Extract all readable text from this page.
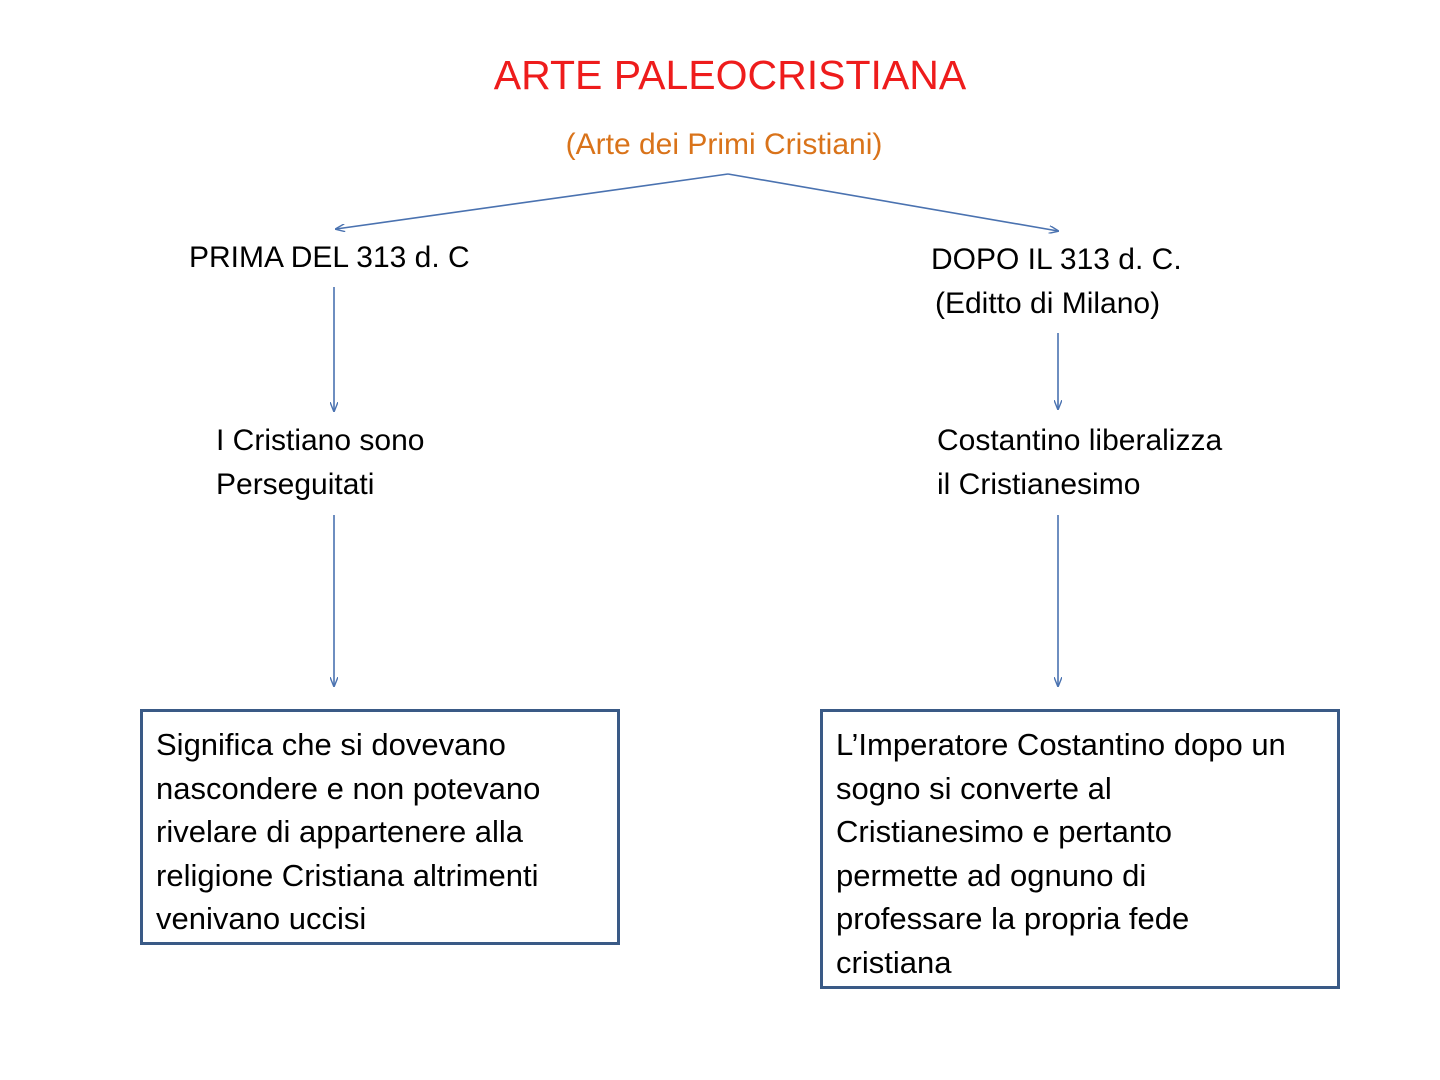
ARTE PALEOCRISTIANA
(Arte dei Primi Cristiani)
PRIMA DEL 313 d. C
I Cristiano sono
Perseguitati
Significa che si dovevano
nascondere e non potevano
rivelare di appartenere alla
religione Cristiana altrimenti
venivano uccisi
DOPO IL 313 d. C.
(Editto di Milano)
Costantino liberalizza
il Cristianesimo
L’Imperatore Costantino dopo un
sogno si converte al
Cristianesimo e pertanto
permette ad ognuno di
professare la propria fede
cristiana
